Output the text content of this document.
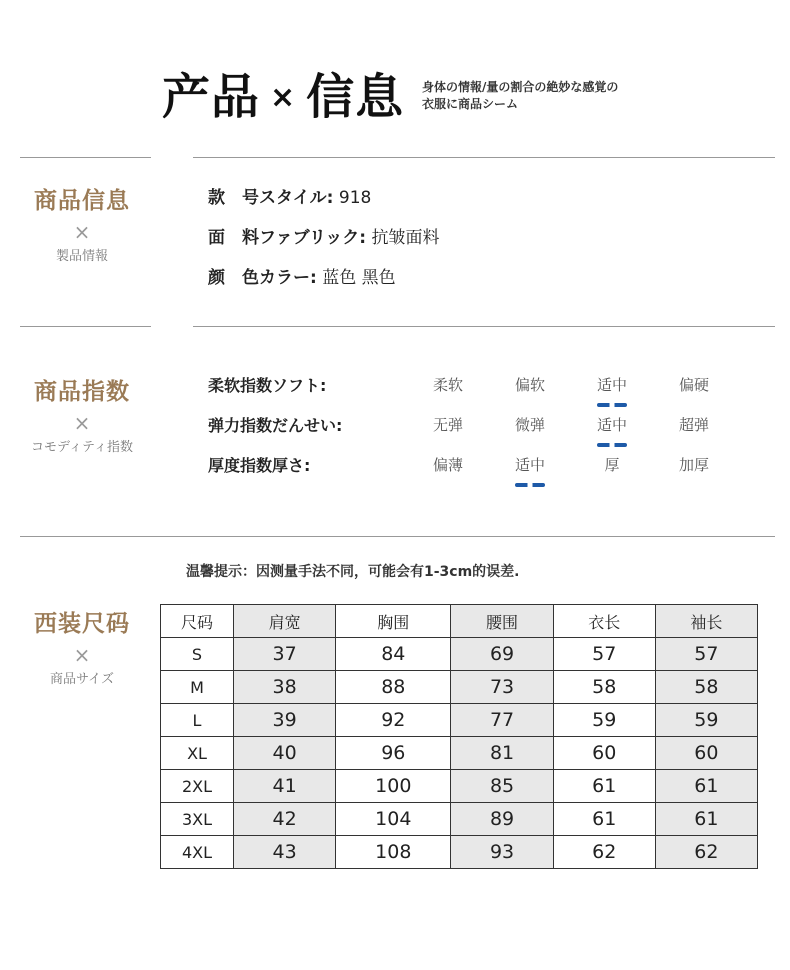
产品 × 信息 身体の情報/量の割合の絶妙な感覚の
衣服に商品シーム
商品信息
×
製品情報
款　号スタイル: 918
面　料ファブリック: 抗皱面料
颜　色カラー: 蓝色 黑色
商品指数
×
コモディティ指数
柔软指数ソフト:	柔软	偏软	适中	偏硬
弹力指数だんせい:	无弹	微弹	适中	超弹
厚度指数厚さ:	偏薄	适中	厚	加厚
温馨提示：因测量手法不同，可能会有1-3cm的误差.
西装尺码
×
商品サイズ
尺码	肩宽	胸围	腰围	衣长	袖长
S	37	84	69	57	57
M	38	88	73	58	58
L	39	92	77	59	59
XL	40	96	81	60	60
2XL	41	100	85	61	61
3XL	42	104	89	61	61
4XL	43	108	93	62	62
